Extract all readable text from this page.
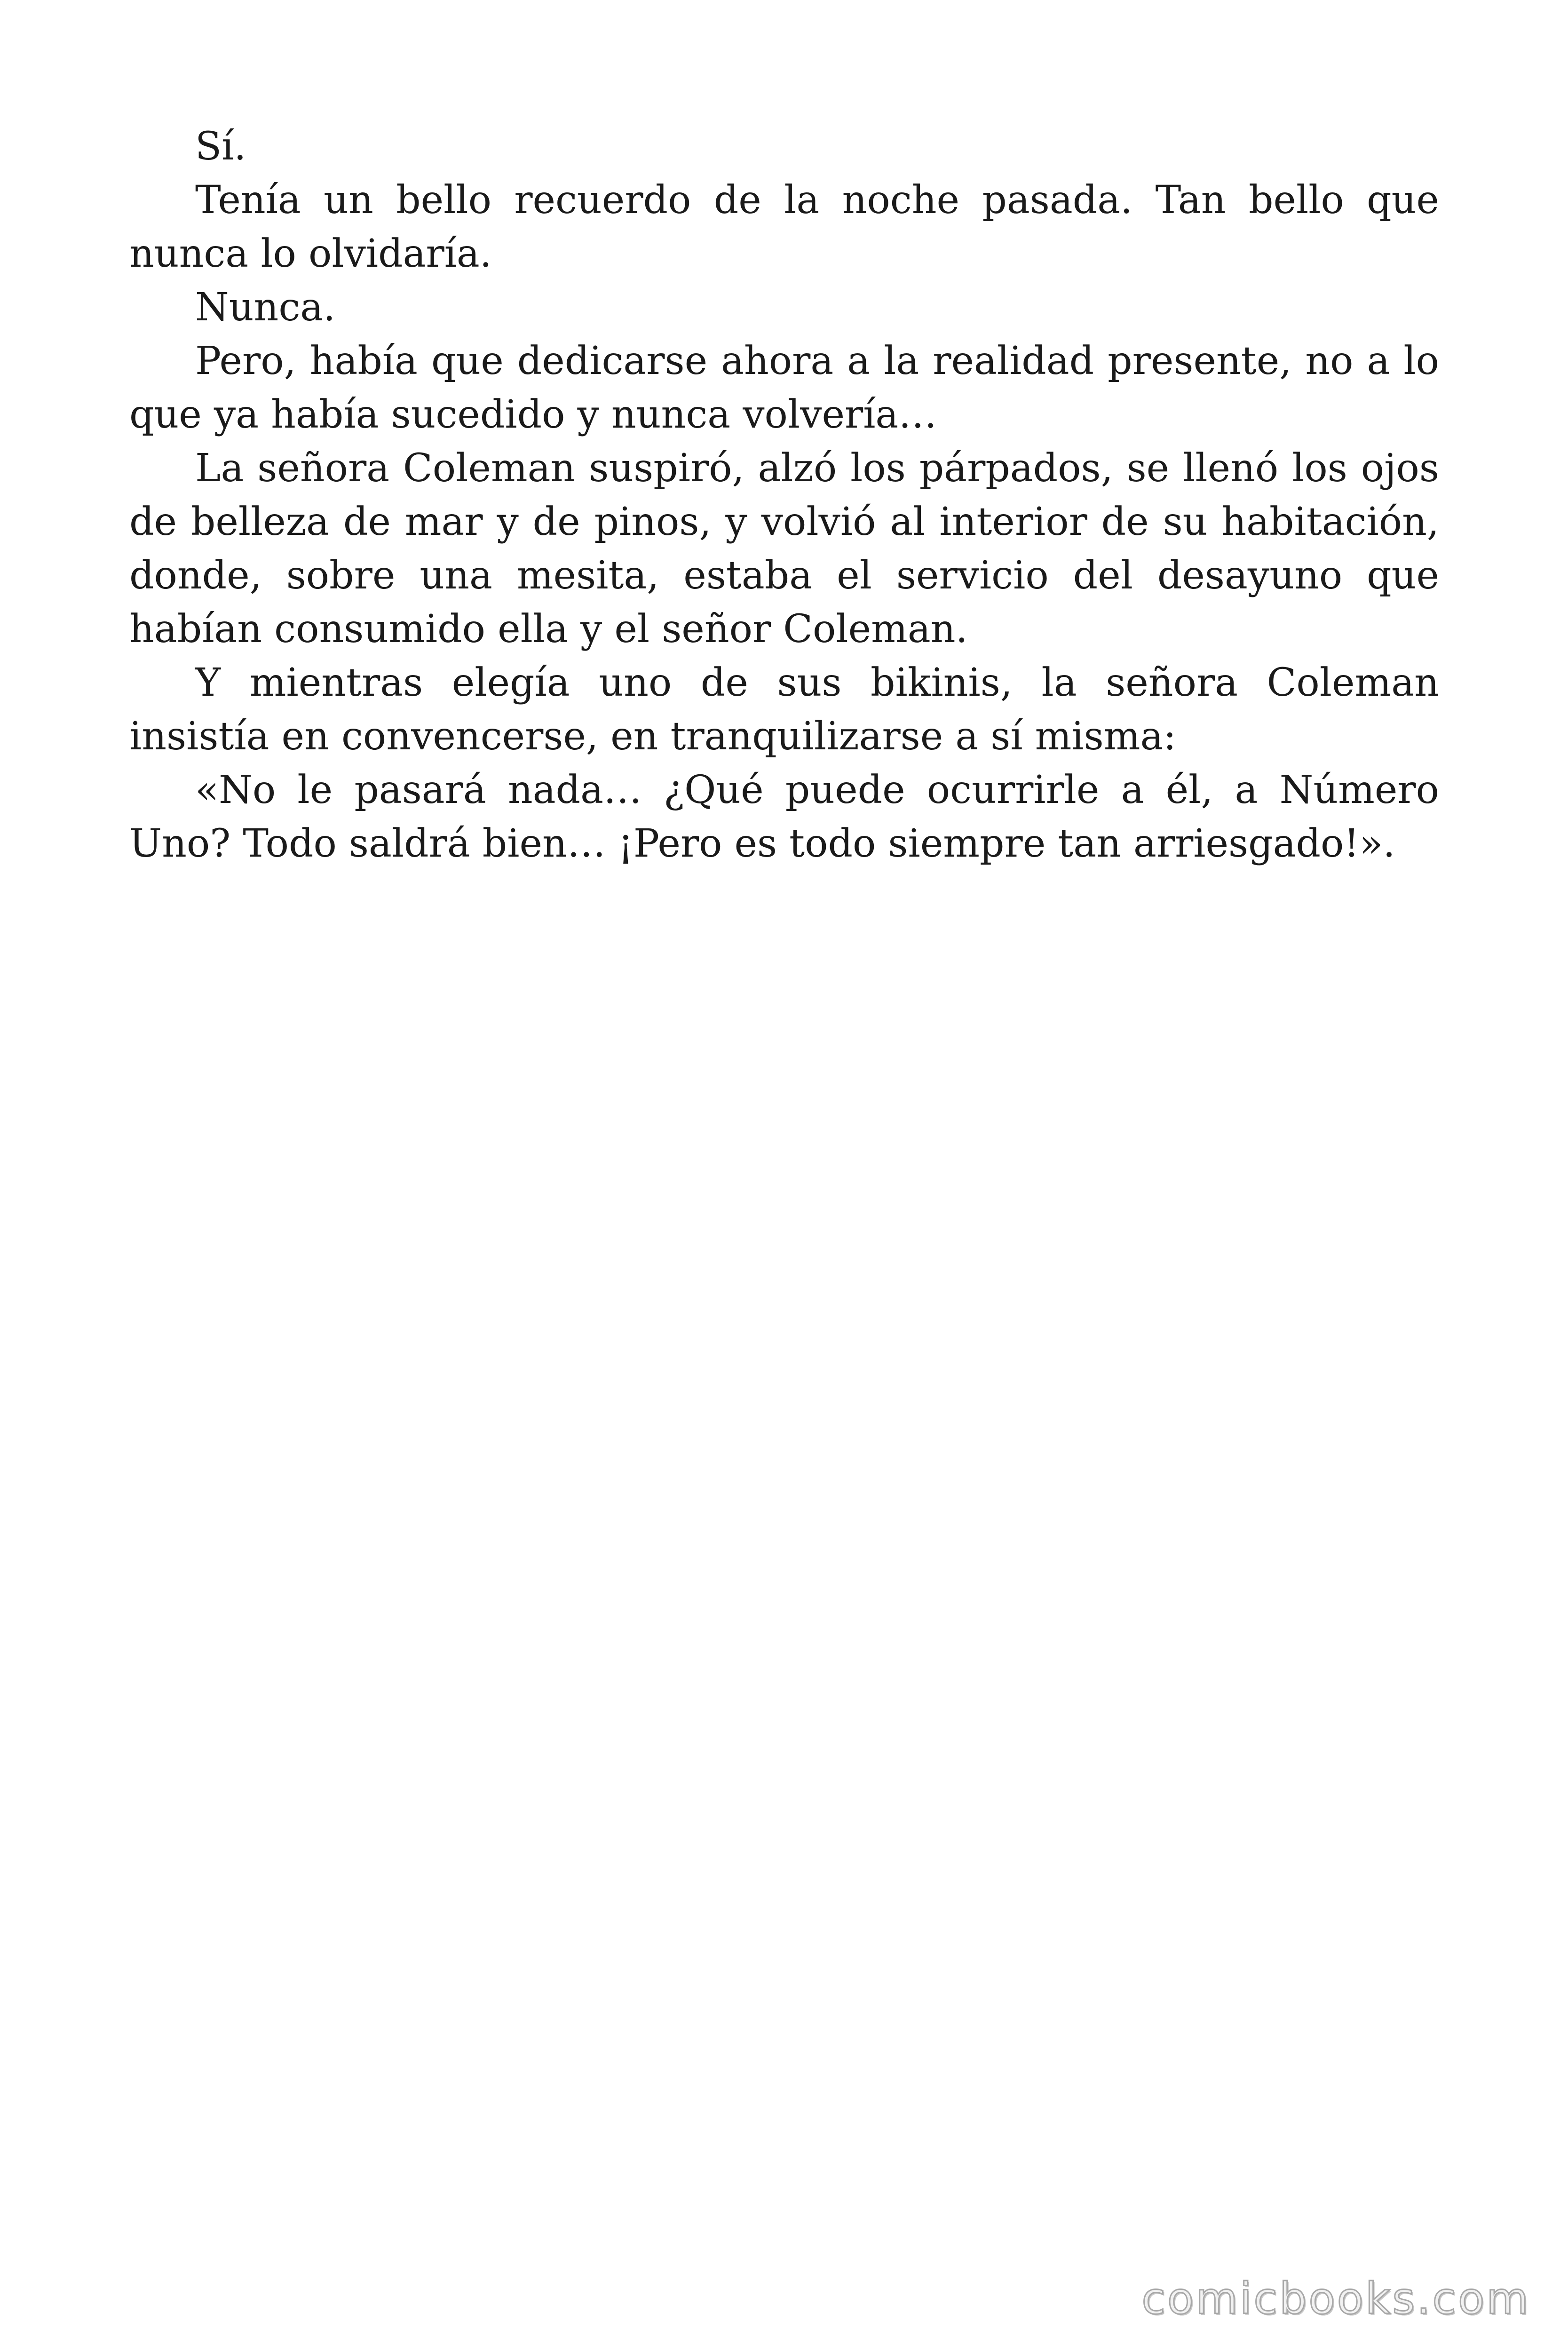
Sí.

Tenía un bello recuerdo de la noche pasada. Tan bello que nunca lo olvidaría.

Nunca.

Pero, había que dedicarse ahora a la realidad presente, no a lo que ya había sucedido y nunca volvería…

La señora Coleman suspiró, alzó los párpados, se llenó los ojos de belleza de mar y de pinos, y volvió al interior de su habitación, donde, sobre una mesita, estaba el servicio del desayuno que habían consumido ella y el señor Coleman.

Y mientras elegía uno de sus bikinis, la señora Coleman insistía en convencerse, en tranquilizarse a sí misma:

«No le pasará nada… ¿Qué puede ocurrirle a él, a Número Uno? Todo saldrá bien… ¡Pero es todo siempre tan arriesgado!».

comicbooks.com
